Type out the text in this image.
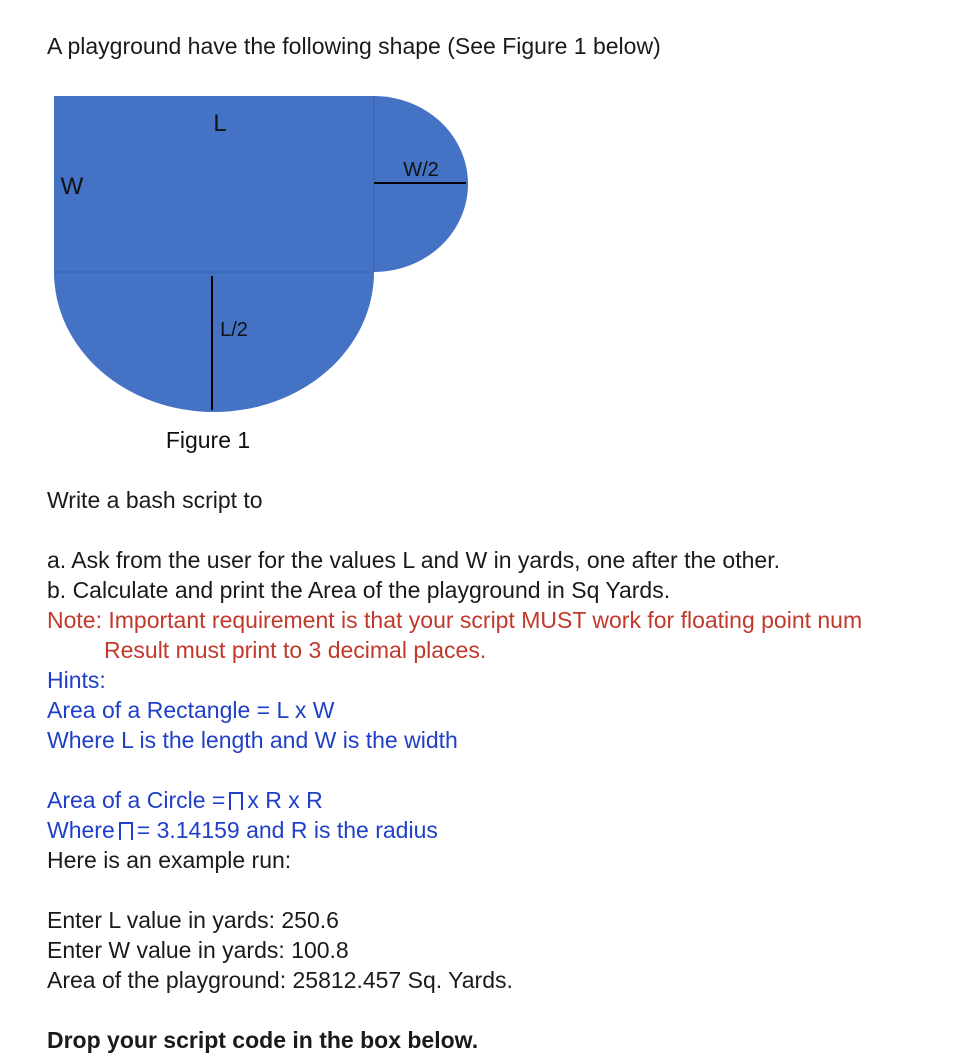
A playground have the following shape (See Figure 1 below)

L
W
W/2
L/2
Figure 1

Write a bash script to

a. Ask from the user for the values L and W in yards, one after the other.

b. Calculate and print the Area of the playground in Sq Yards.

Note: Important requirement is that your script MUST work for floating point num

Result must print to 3 decimal places.

Hints:

Area of a Rectangle = L x W

Where L is the length and W is the width

Area of a Circle = x R x R

Where = 3.14159 and R is the radius

Here is an example run:

Enter L value in yards: 250.6

Enter W value in yards: 100.8

Area of the playground: 25812.457 Sq. Yards.

Drop your script code in the box below.
